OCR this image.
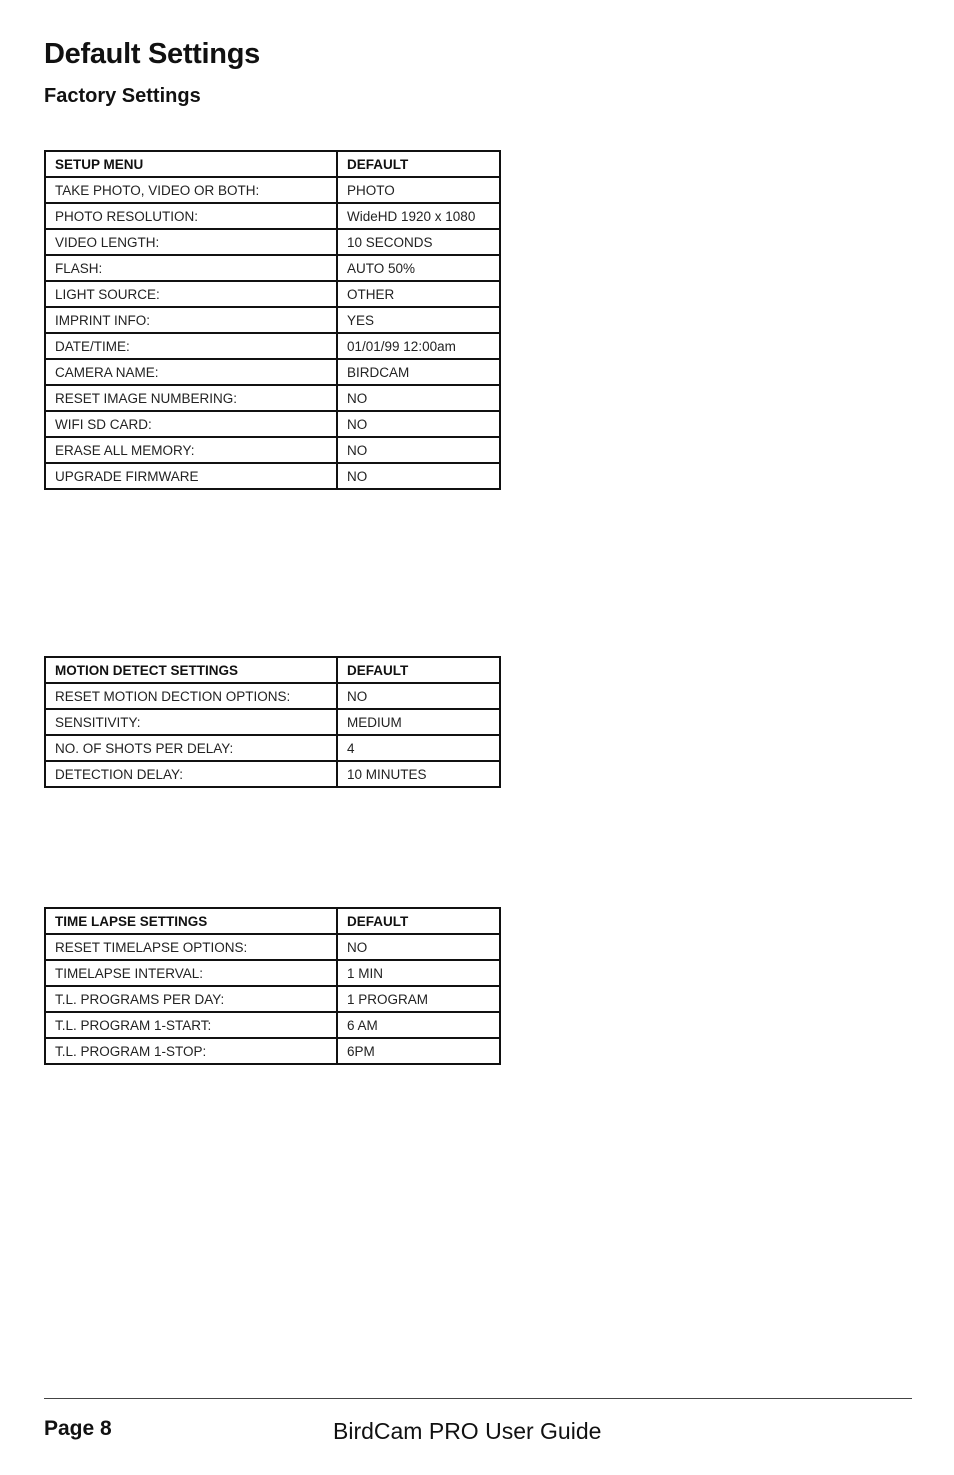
Default Settings
Factory Settings
SETUP MENU	DEFAULT
TAKE PHOTO, VIDEO OR BOTH:	PHOTO
PHOTO RESOLUTION:	WideHD 1920 x 1080
VIDEO LENGTH:	10 SECONDS
FLASH:	AUTO 50%
LIGHT SOURCE:	OTHER
IMPRINT INFO:	YES
DATE/TIME:	01/01/99 12:00am
CAMERA NAME:	BIRDCAM
RESET IMAGE NUMBERING:	NO
WIFI SD CARD:	NO
ERASE ALL MEMORY:	NO
UPGRADE FIRMWARE	NO
MOTION DETECT SETTINGS	DEFAULT
RESET MOTION DECTION OPTIONS:	NO
SENSITIVITY:	MEDIUM
NO. OF SHOTS PER DELAY:	4
DETECTION DELAY:	10 MINUTES
TIME LAPSE SETTINGS	DEFAULT
RESET TIMELAPSE OPTIONS:	NO
TIMELAPSE INTERVAL:	1 MIN
T.L. PROGRAMS PER DAY:	1 PROGRAM
T.L. PROGRAM 1-START:	6 AM
T.L. PROGRAM 1-STOP:	6PM
Page 8	BirdCam PRO User Guide
